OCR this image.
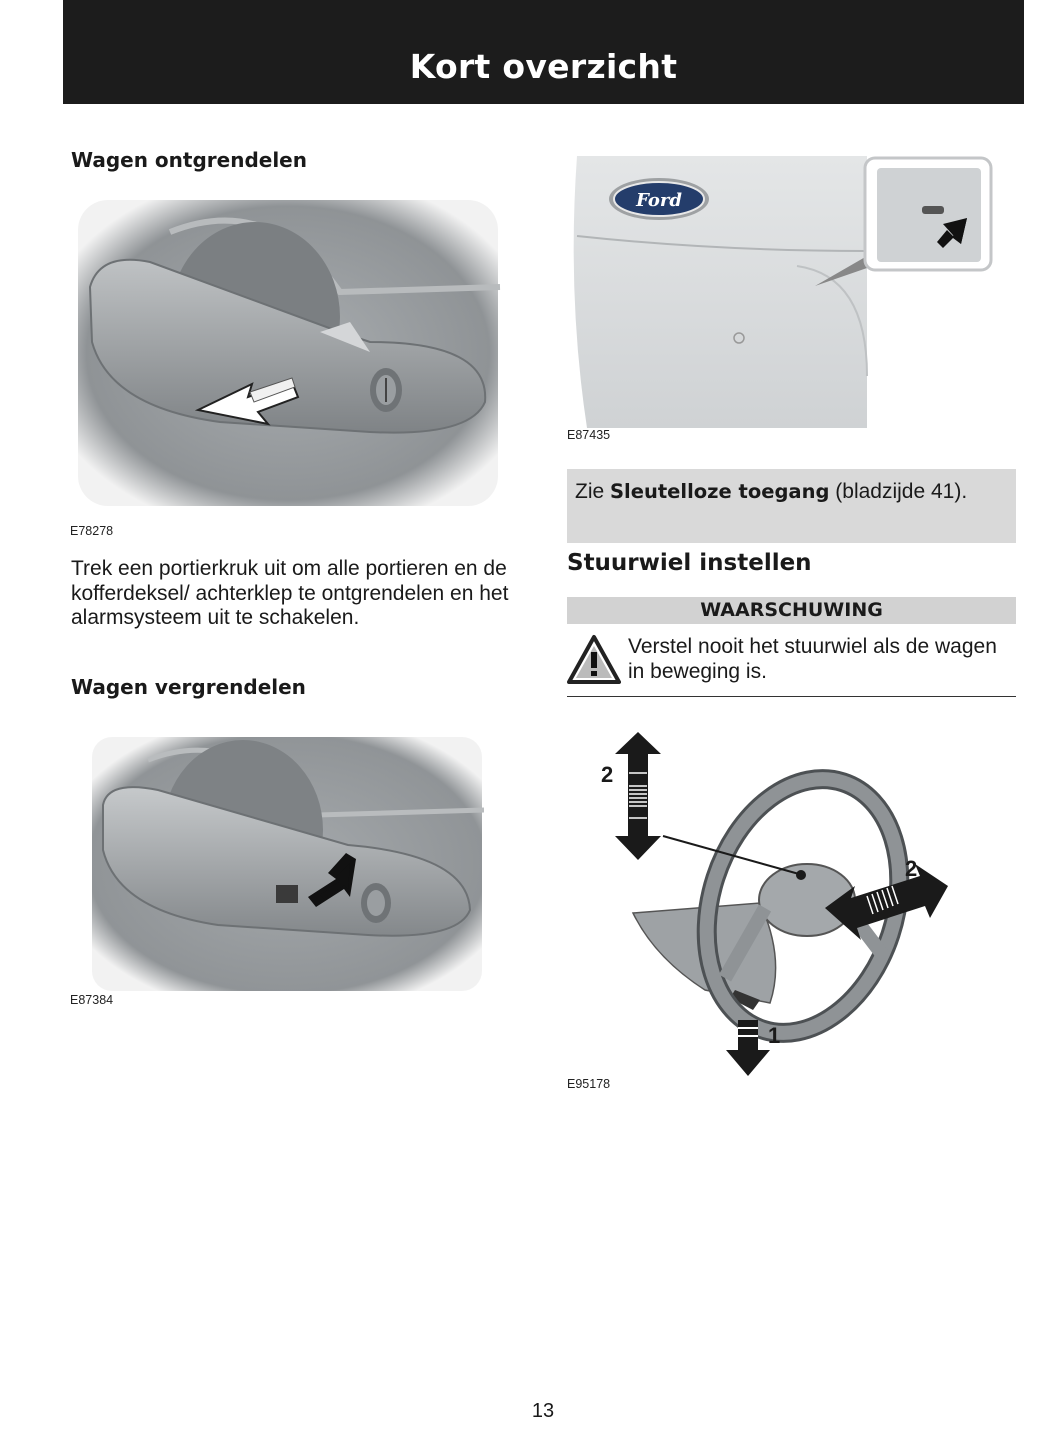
Kort overzicht
Wagen ontgrendelen
E78278

Trek een portierkruk uit om alle portieren en de kofferdeksel/ achterklep te ontgrendelen en het alarmsysteem uit te schakelen.

Wagen vergrendelen
E87384
Ford
E87435
Zie Sleutelloze toegang (bladzijde 41).
Stuurwiel instellen
WAARSCHUWING
Verstel nooit het stuurwiel als de wagen in beweging is.
2
2
1
E95178
13
